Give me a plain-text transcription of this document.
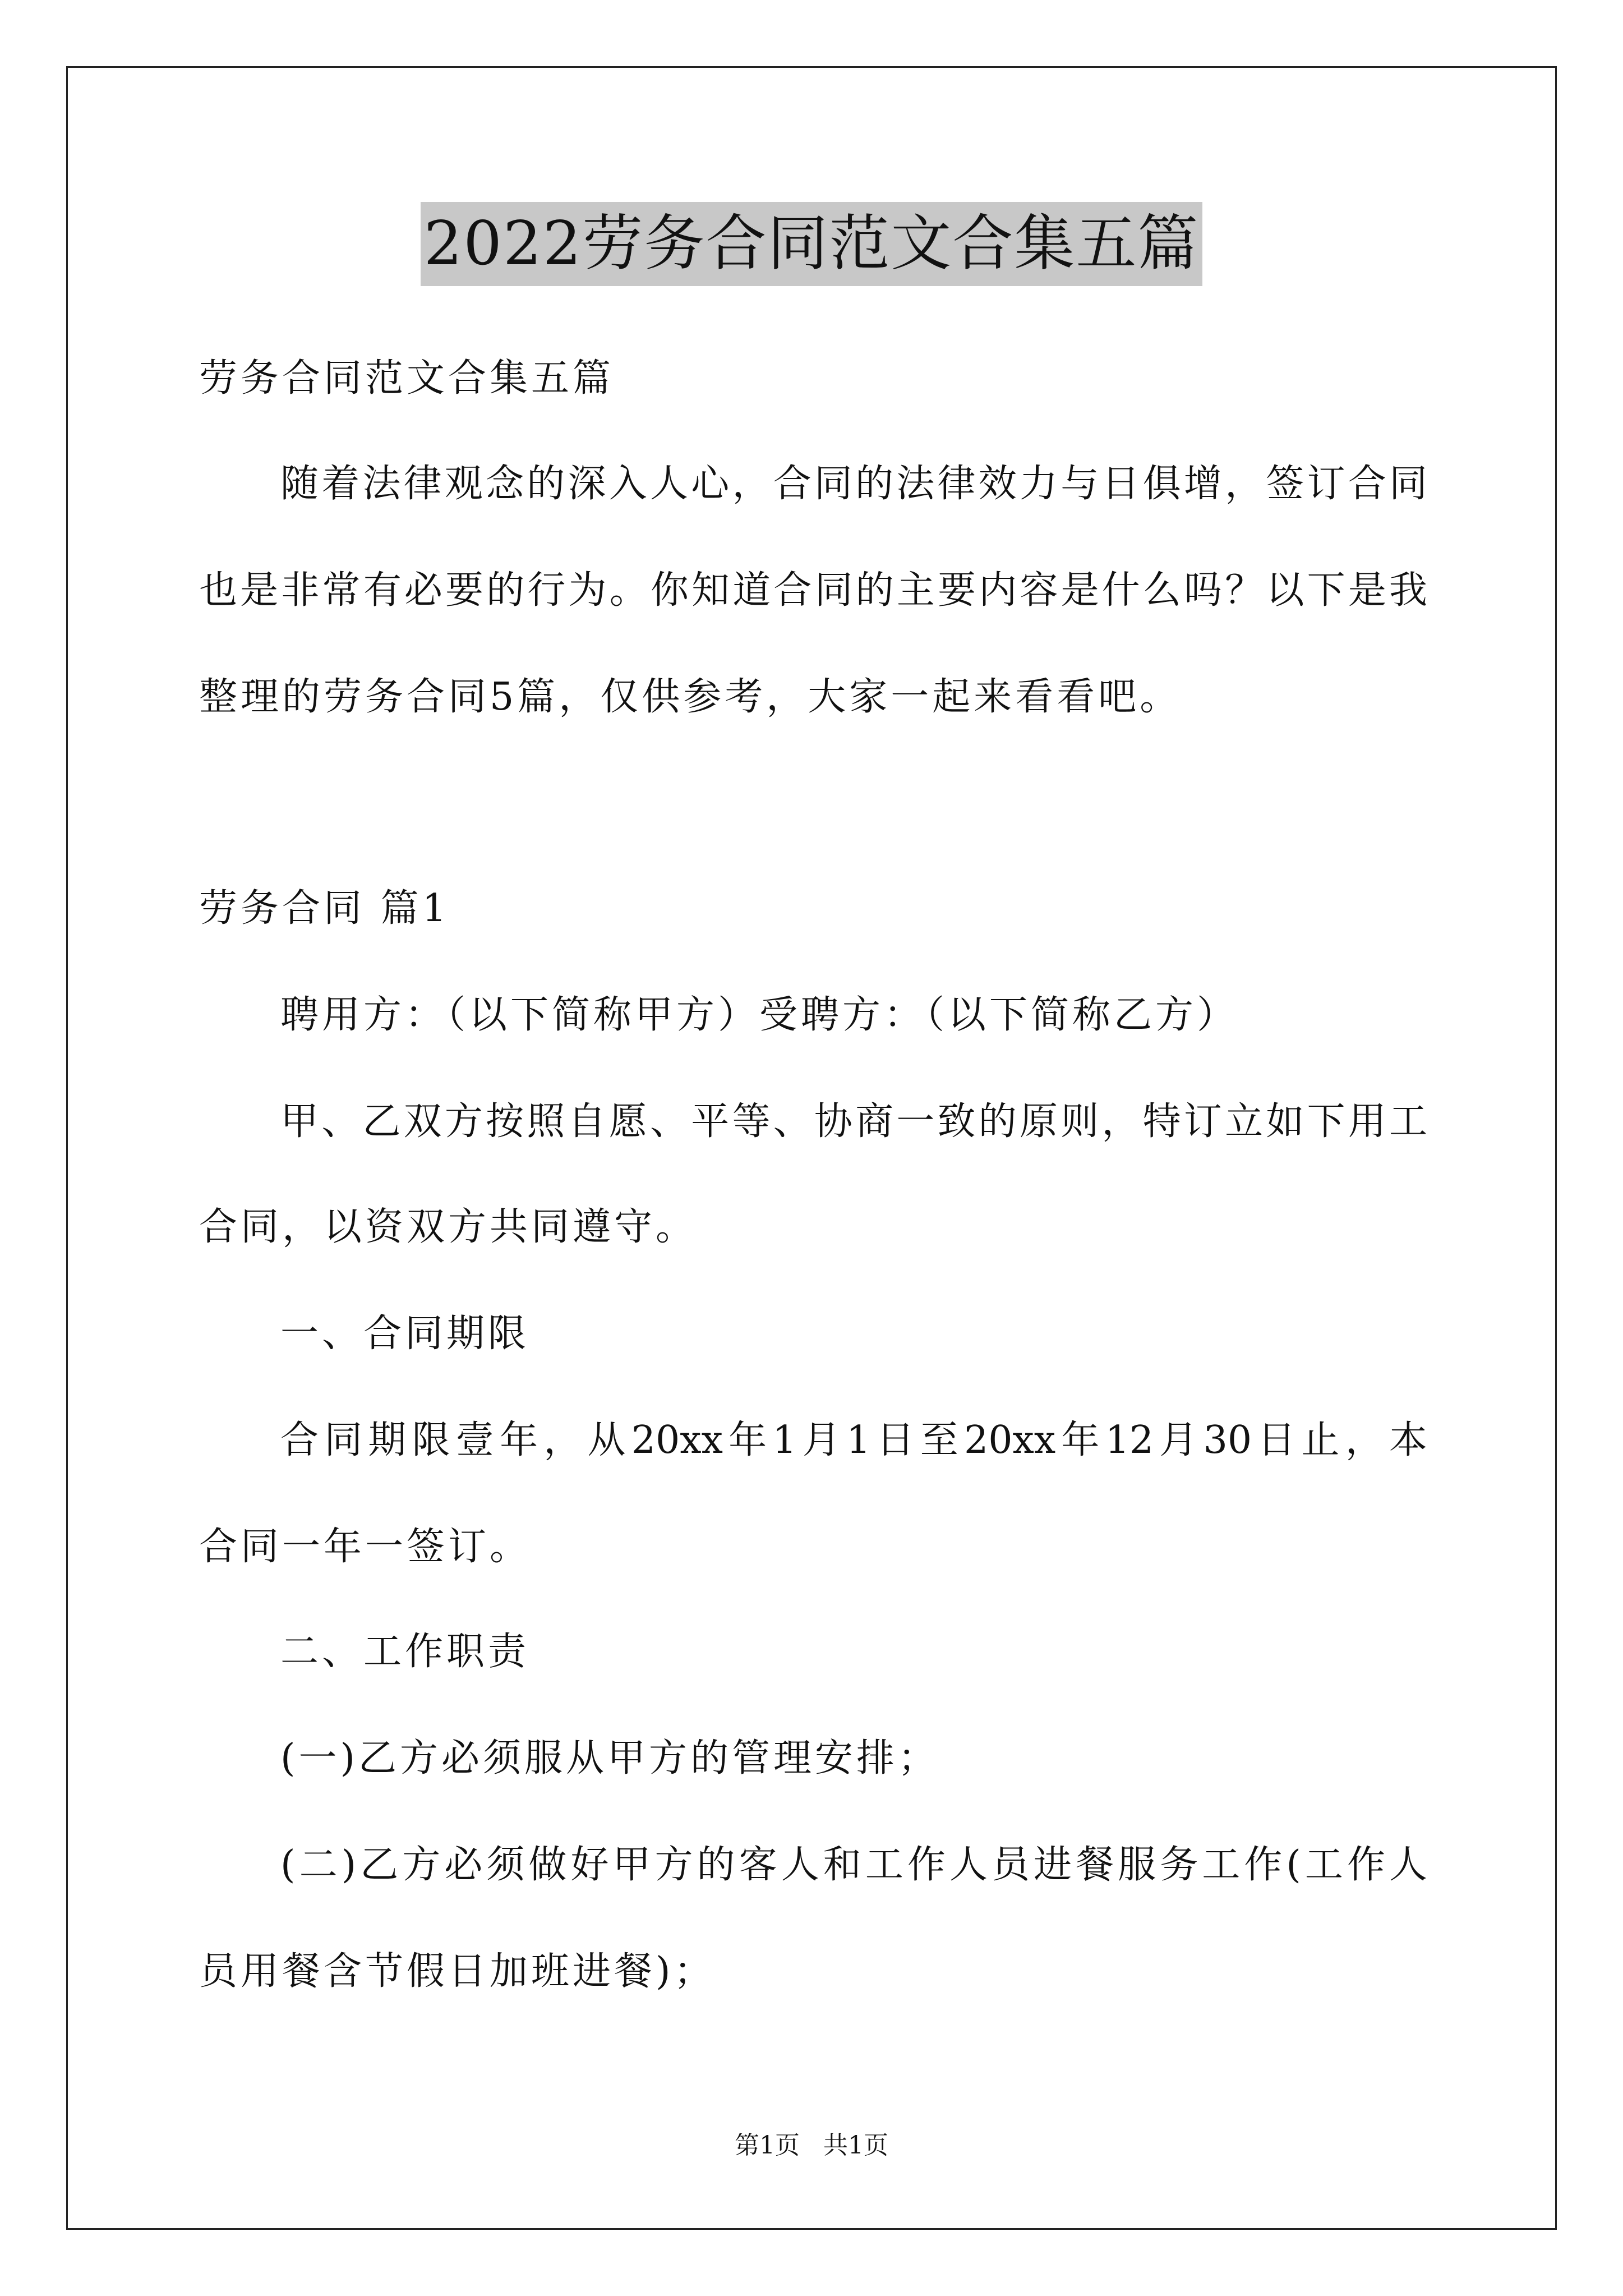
2022劳务合同范文合集五篇
劳务合同范文合集五篇
随着法律观念的深入人心，合同的法律效力与日俱增，签订合同
也是非常有必要的行为。你知道合同的主要内容是什么吗？以下是我
整理的劳务合同5篇，仅供参考，大家一起来看看吧。
劳务合同 篇1
聘用方：（以下简称甲方）受聘方：（以下简称乙方）
甲、乙双方按照自愿、平等、协商一致的原则，特订立如下用工
合同，以资双方共同遵守。
一、合同期限
合同期限壹年，从20xx年1月1日至20xx年12月30日止，本
合同一年一签订。
二、工作职责
(一)乙方必须服从甲方的管理安排；
(二)乙方必须做好甲方的客人和工作人员进餐服务工作(工作人
员用餐含节假日加班进餐)；
第1页   共1页
